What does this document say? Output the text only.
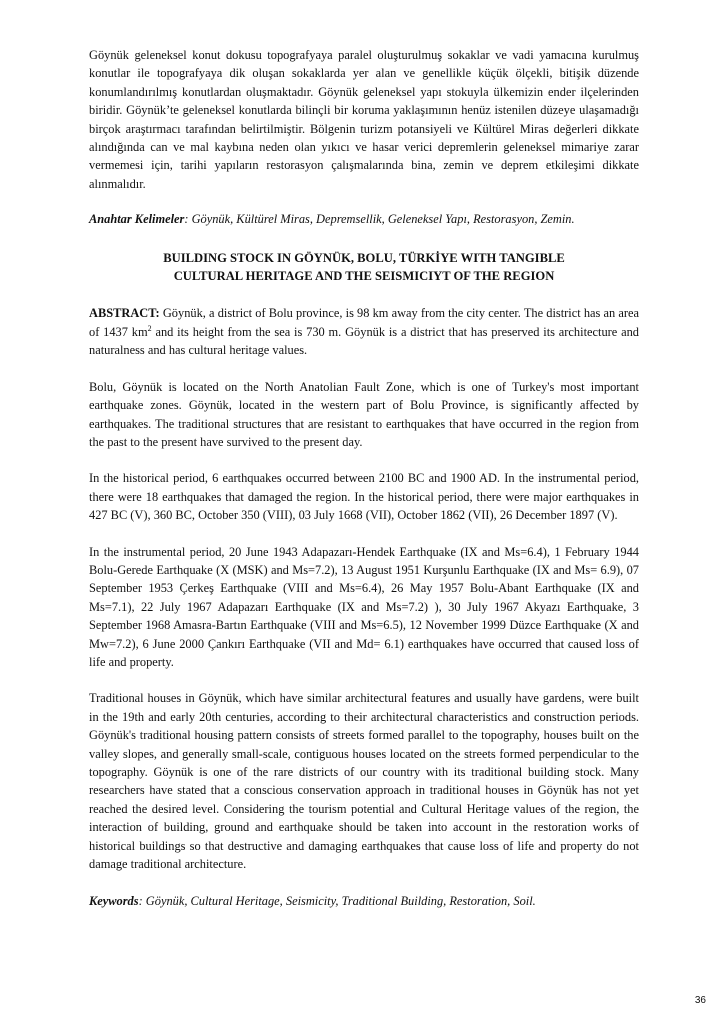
Göynük geleneksel konut dokusu topografyaya paralel oluşturulmuş sokaklar ve vadi yamacına kurulmuş konutlar ile topografyaya dik oluşan sokaklarda yer alan ve genellikle küçük ölçekli, bitişik düzende konumlandırılmış konutlardan oluşmaktadır. Göynük geleneksel yapı stokuyla ülkemizin ender ilçelerinden biridir. Göynük’te geleneksel konutlarda bilinçli bir koruma yaklaşımının henüz istenilen düzeye ulaşamadığı birçok araştırmacı tarafından belirtilmiştir. Bölgenin turizm potansiyeli ve Kültürel Miras değerleri dikkate alındığında can ve mal kaybına neden olan yıkıcı ve hasar verici depremlerin geleneksel mimariye zarar vermemesi için, tarihi yapıların restorasyon çalışmalarında bina, zemin ve deprem etkileşimi dikkate alınmalıdır.

Anahtar Kelimeler: Göynük, Kültürel Miras, Depremsellik, Geleneksel Yapı, Restorasyon, Zemin.

BUILDING STOCK IN GÖYNÜK, BOLU, TÜRKİYE WITH TANGIBLE
CULTURAL HERITAGE AND THE SEISMICIYT OF THE REGION

ABSTRACT: Göynük, a district of Bolu province, is 98 km away from the city center. The district has an area of 1437 $km^2$ and its height from the sea is 730 m. Göynük is a district that has preserved its architecture and naturalness and has cultural heritage values.

Bolu, Göynük is located on the North Anatolian Fault Zone, which is one of Turkey's most important earthquake zones. Göynük, located in the western part of Bolu Province, is significantly affected by earthquakes. The traditional structures that are resistant to earthquakes that have occurred in the region from the past to the present have survived to the present day.

In the historical period, 6 earthquakes occurred between 2100 BC and 1900 AD. In the instrumental period, there were 18 earthquakes that damaged the region. In the historical period, there were major earthquakes in 427 BC (V), 360 BC, October 350 (VIII), 03 July 1668 (VII), October 1862 (VII), 26 December 1897 (V).

In the instrumental period, 20 June 1943 Adapazarı-Hendek Earthquake (IX and Ms=6.4), 1 February 1944 Bolu-Gerede Earthquake (X (MSK) and Ms=7.2), 13 August 1951 Kurşunlu Earthquake (IX and Ms= 6.9), 07 September 1953 Çerkeş Earthquake (VIII and Ms=6.4), 26 May 1957 Bolu-Abant Earthquake (IX and Ms=7.1), 22 July 1967 Adapazarı Earthquake (IX and Ms=7.2) ), 30 July 1967 Akyazı Earthquake, 3 September 1968 Amasra-Bartın Earthquake (VIII and Ms=6.5), 12 November 1999 Düzce Earthquake (X and Mw=7.2), 6 June 2000 Çankırı Earthquake (VII and Md= 6.1) earthquakes have occurred that caused loss of life and property.

Traditional houses in Göynük, which have similar architectural features and usually have gardens, were built in the 19th and early 20th centuries, according to their architectural characteristics and construction periods. Göynük's traditional housing pattern consists of streets formed parallel to the topography, houses built on the valley slopes, and generally small-scale, contiguous houses located on the streets formed perpendicular to the topography. Göynük is one of the rare districts of our country with its traditional building stock. Many researchers have stated that a conscious conservation approach in traditional houses in Göynük has not yet reached the desired level. Considering the tourism potential and Cultural Heritage values of the region, the interaction of building, ground and earthquake should be taken into account in the restoration works of historical buildings so that destructive and damaging earthquakes that cause loss of life and property do not damage traditional architecture.

Keywords: Göynük, Cultural Heritage, Seismicity, Traditional Building, Restoration, Soil.

36
